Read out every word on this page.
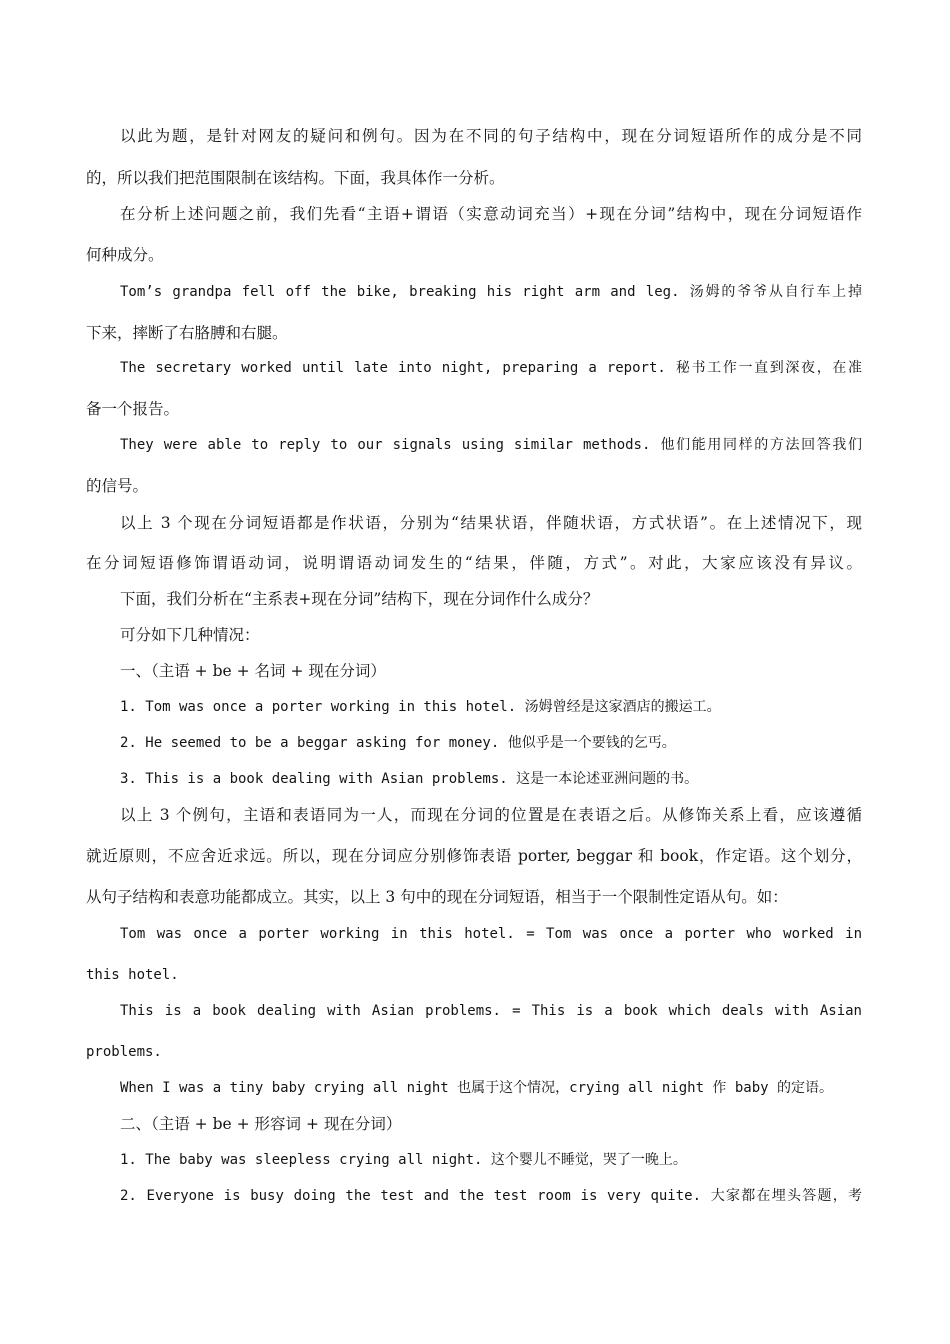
以此为题，是针对网友的疑问和例句。因为在不同的句子结构中，现在分词短语所作的成分是不同
的，所以我们把范围限制在该结构。下面，我具体作一分析。
在分析上述问题之前，我们先看“主语+谓语（实意动词充当）+现在分词”结构中，现在分词短语作
何种成分。
Tom’s grandpa fell off the bike, breaking his right arm and leg. 汤姆的爷爷从自行车上掉
下来，摔断了右胳膊和右腿。
The secretary worked until late into night, preparing a report. 秘书工作一直到深夜，在准
备一个报告。
They were able to reply to our signals using similar methods. 他们能用同样的方法回答我们
的信号。
以上 3 个现在分词短语都是作状语，分别为“结果状语，伴随状语，方式状语”。在上述情况下，现
在分词短语修饰谓语动词，说明谓语动词发生的“结果，伴随，方式”。对此，大家应该没有异议。
下面，我们分析在“主系表+现在分词”结构下，现在分词作什么成分？
可分如下几种情况：
一、（主语 + be + 名词 + 现在分词）
1. Tom was once a porter working in this hotel. 汤姆曾经是这家酒店的搬运工。
2. He seemed to be a beggar asking for money. 他似乎是一个要钱的乞丐。
3. This is a book dealing with Asian problems. 这是一本论述亚洲问题的书。
以上 3 个例句，主语和表语同为一人，而现在分词的位置是在表语之后。从修饰关系上看，应该遵循
就近原则，不应舍近求远。所以，现在分词应分别修饰表语 porter, beggar 和 book，作定语。这个划分，
从句子结构和表意功能都成立。其实，以上 3 句中的现在分词短语，相当于一个限制性定语从句。如：
Tom was once a porter working in this hotel. = Tom was once a porter who worked in
this hotel.
This is a book dealing with Asian problems. = This is a book which deals with Asian
problems.
When I was a tiny baby crying all night 也属于这个情况，crying all night 作 baby 的定语。
二、（主语 + be + 形容词 + 现在分词）
1. The baby was sleepless crying all night. 这个婴儿不睡觉，哭了一晚上。
2. Everyone is busy doing the test and the test room is very quite. 大家都在埋头答题，考
